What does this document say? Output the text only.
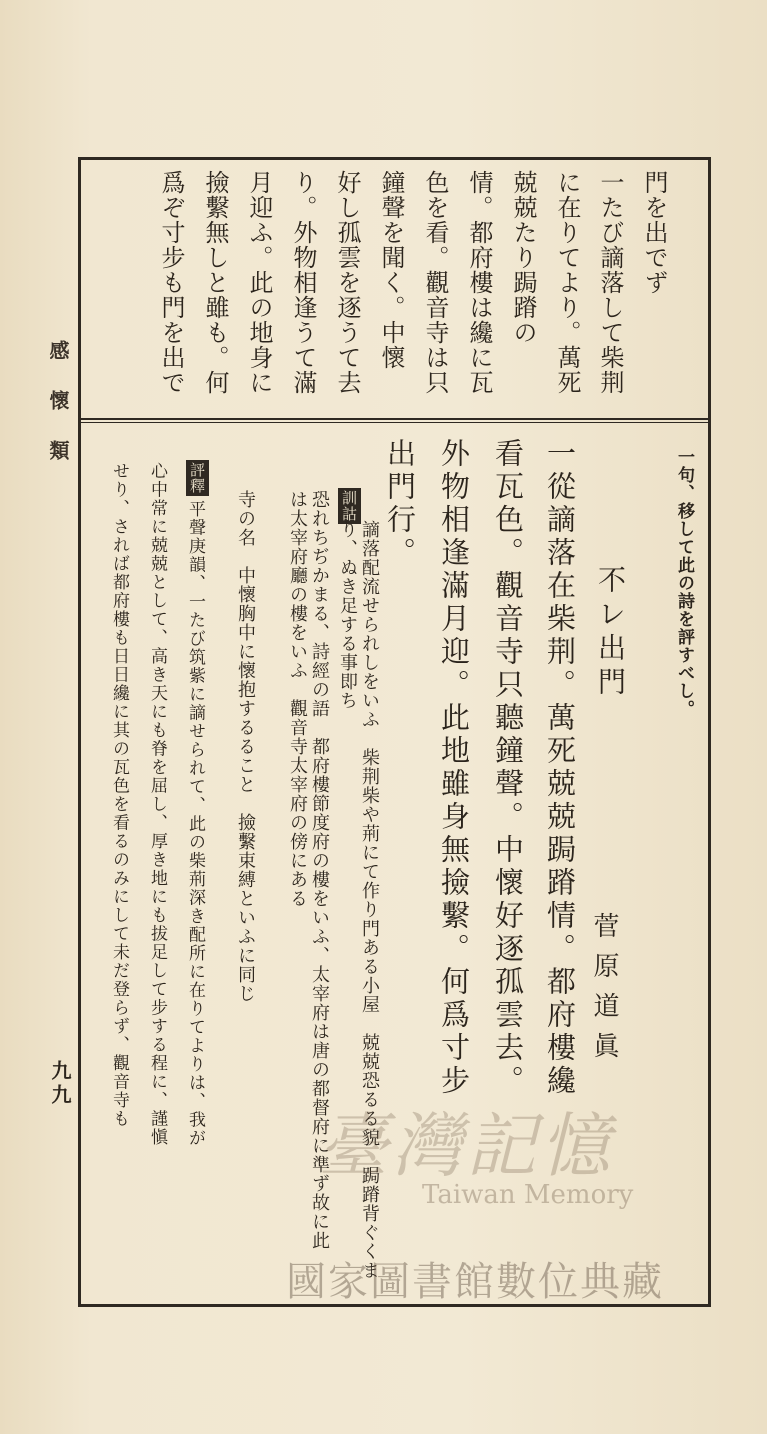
感懷類
九九
門を出でず
一たび謫落して柴荆
に在りてより。萬死
兢兢たり跼蹐の
情。都府樓は纔に瓦
色を看。觀音寺は只
鐘聲を聞く。中懷
好し孤雲を逐うて去
り。外物相逢うて滿
月迎ふ。此の地身に
撿繫無しと雖も。何
爲ぞ寸步も門を出で
一句、移して此の詩を評すべし。
不レ出門
菅原道眞
一從謫落在柴荆。萬死兢兢跼蹐情。都府樓纔
看瓦色。觀音寺只聽鐘聲。中懷好逐孤雲去。
外物相逢滿月迎。此地雖身無撿繫。何爲寸步
出門行。
訓詁
謫落配流せられしをいふ　柴荆柴や荊にて作り門ある小屋　兢兢恐るる貌　跼蹐背ぐくまり、ぬき足する事即ち
恐れちぢかまる、詩經の語　都府樓節度府の樓をいふ、太宰府は唐の都督府に準ず故に此は太宰府廳の樓をいふ　觀音寺太宰府の傍にある
寺の名　中懷胸中に懷抱するること　撿繫束縛といふに同じ
評釋
平聲庚韻、一たび筑紫に謫せられて、此の柴荊深き配所に在りてよりは、我が
心中常に兢兢として、高き天にも脊を屈し、厚き地にも拔足して步する程に、謹愼
せり、されば都府樓も日日纔に其の瓦色を看るのみにして未だ登らず、觀音寺も
臺灣記憶
Taiwan Memory
國家圖書館數位典藏
